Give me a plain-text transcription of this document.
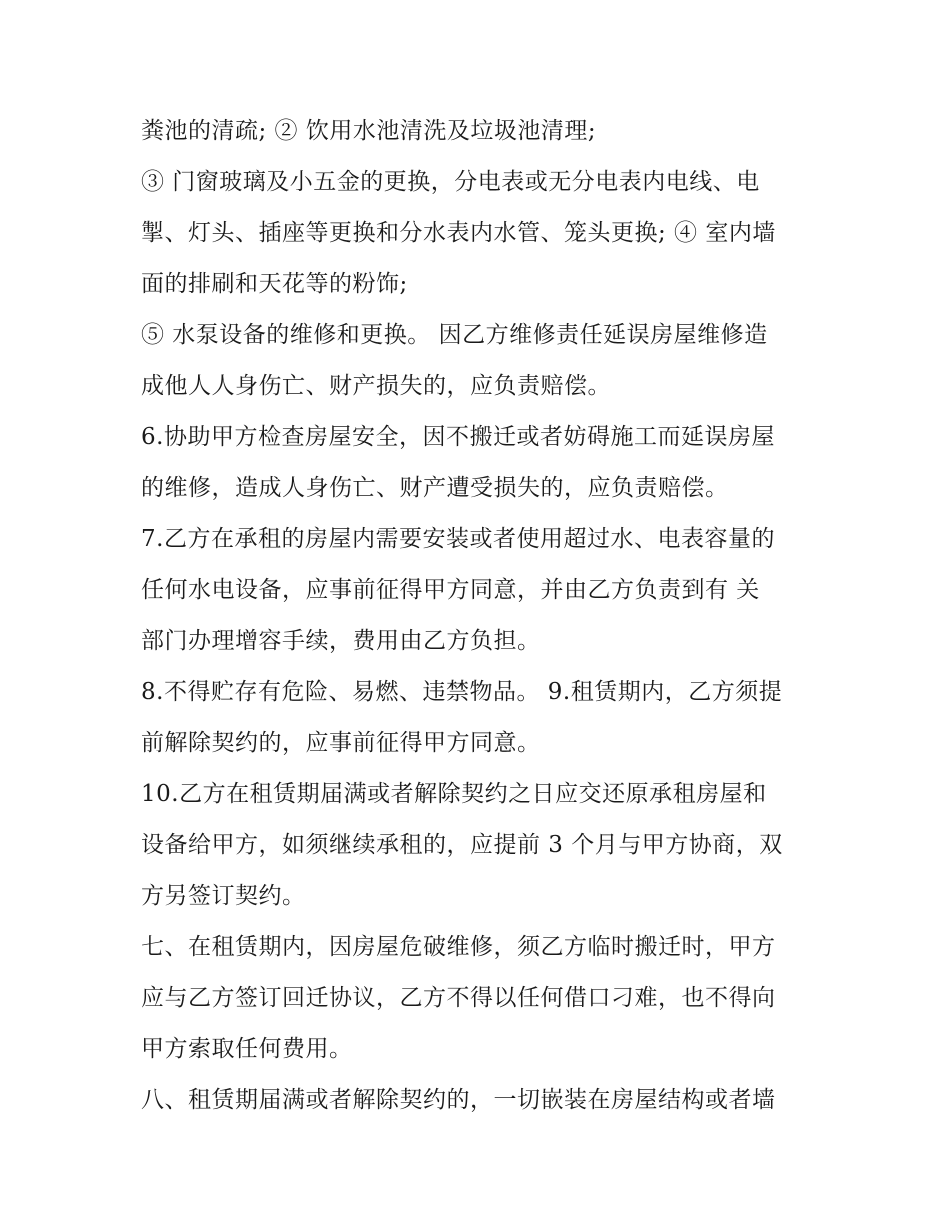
粪池的清疏; ② 饮用水池清洗及垃圾池清理;
③ 门窗玻璃及小五金的更换，分电表或无分电表内电线、电
掣、灯头、插座等更换和分水表内水管、笼头更换; ④ 室内墙
面的排刷和天花等的粉饰;
⑤ 水泵设备的维修和更换。 因乙方维修责任延误房屋维修造
成他人人身伤亡、财产损失的，应负责赔偿。
6.协助甲方检查房屋安全，因不搬迁或者妨碍施工而延误房屋
的维修，造成人身伤亡、财产遭受损失的，应负责赔偿。
7.乙方在承租的房屋内需要安装或者使用超过水、电表容量的
任何水电设备，应事前征得甲方同意，并由乙方负责到有 关
部门办理增容手续，费用由乙方负担。
8.不得贮存有危险、易燃、违禁物品。 9.租赁期内，乙方须提
前解除契约的，应事前征得甲方同意。
10.乙方在租赁期届满或者解除契约之日应交还原承租房屋和
设备给甲方，如须继续承租的，应提前 3 个月与甲方协商，双
方另签订契约。
七、在租赁期内，因房屋危破维修，须乙方临时搬迁时，甲方
应与乙方签订回迁协议，乙方不得以任何借口刁难，也不得向
甲方索取任何费用。
八、租赁期届满或者解除契约的，一切嵌装在房屋结构或者墙
